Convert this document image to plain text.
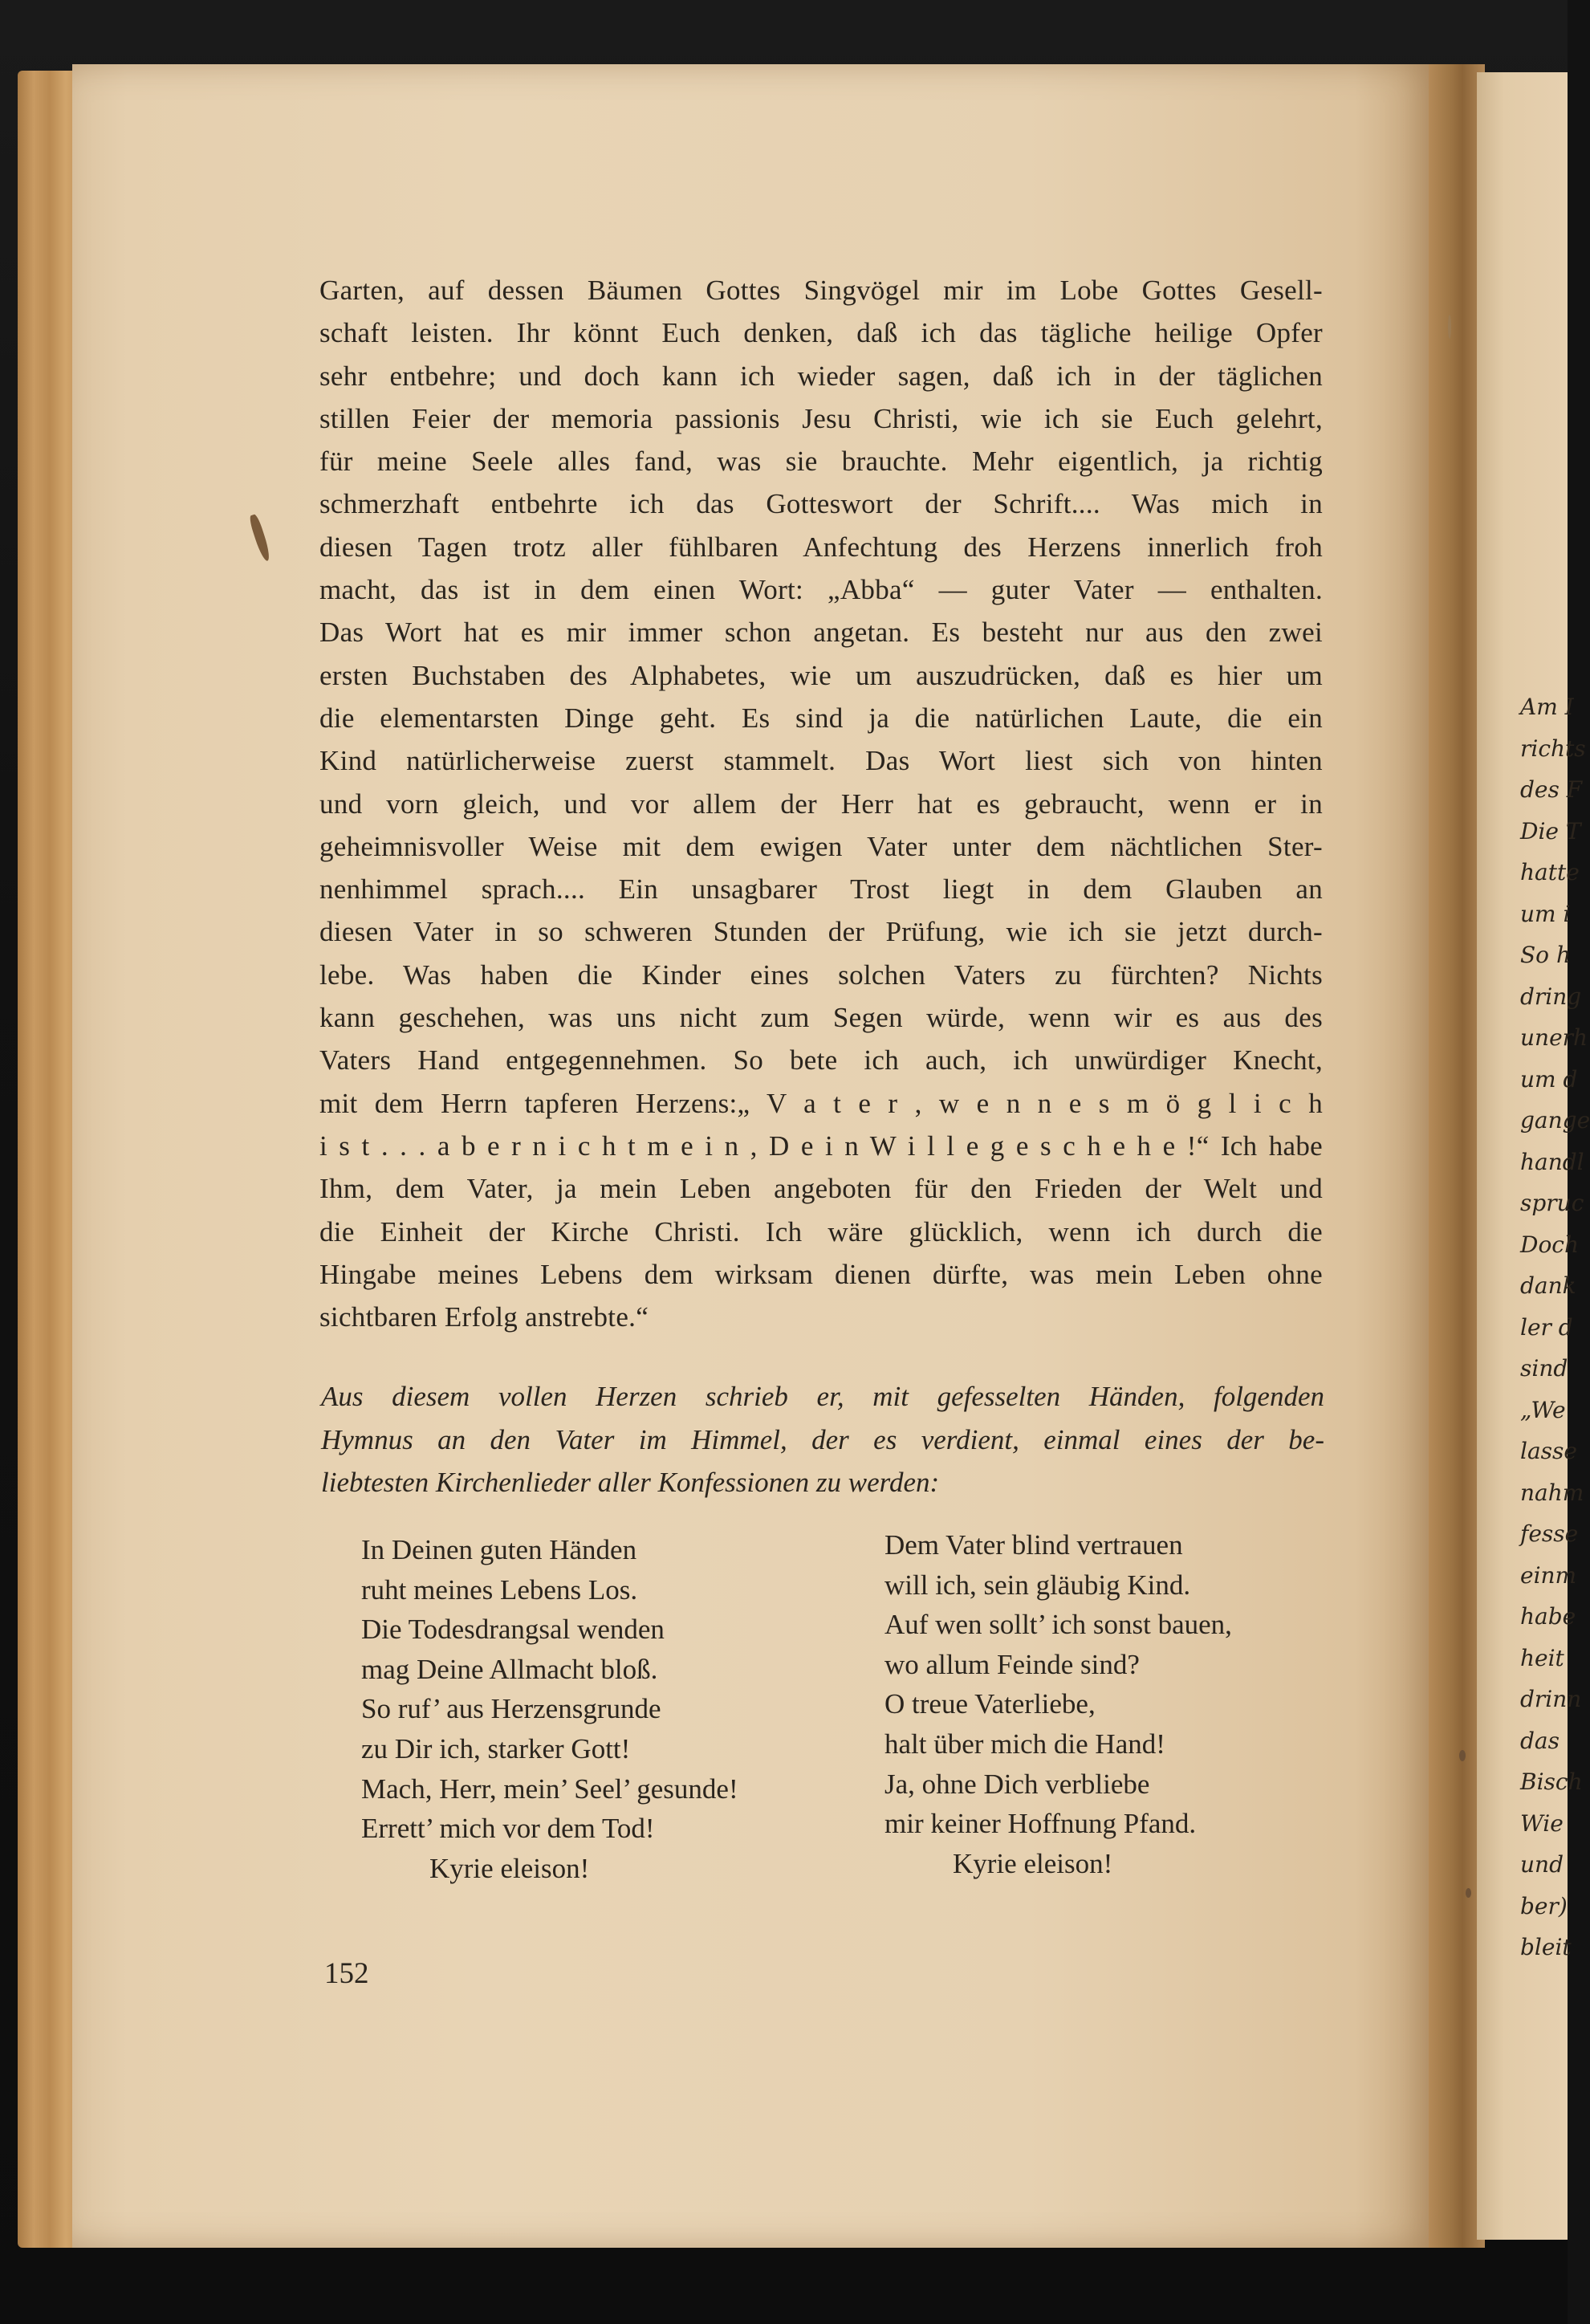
Garten, auf dessen Bäumen Gottes Singvögel mir im Lobe Gottes Gesell-
schaft leisten. Ihr könnt Euch denken, daß ich das tägliche heilige Opfer
sehr entbehre; und doch kann ich wieder sagen, daß ich in der täglichen
stillen Feier der memoria passionis Jesu Christi, wie ich sie Euch gelehrt,
für meine Seele alles fand, was sie brauchte. Mehr eigentlich, ja richtig
schmerzhaft entbehrte ich das Gotteswort der Schrift.... Was mich in
diesen Tagen trotz aller fühlbaren Anfechtung des Herzens innerlich froh
macht, das ist in dem einen Wort: „Abba“ — guter Vater — enthalten.
Das Wort hat es mir immer schon angetan. Es besteht nur aus den zwei
ersten Buchstaben des Alphabetes, wie um auszudrücken, daß es hier um
die elementarsten Dinge geht. Es sind ja die natürlichen Laute, die ein
Kind natürlicherweise zuerst stammelt. Das Wort liest sich von hinten
und vorn gleich, und vor allem der Herr hat es gebraucht, wenn er in
geheimnisvoller Weise mit dem ewigen Vater unter dem nächtlichen Ster-
nenhimmel sprach.... Ein unsagbarer Trost liegt in dem Glauben an
diesen Vater in so schweren Stunden der Prüfung, wie ich sie jetzt durch-
lebe. Was haben die Kinder eines solchen Vaters zu fürchten? Nichts
kann geschehen, was uns nicht zum Segen würde, wenn wir es aus des
Vaters Hand entgegennehmen. So bete ich auch, ich unwürdiger Knecht,
mit dem Herrn tapferen Herzens:„ V a t e r , w e n n e s m ö g l i c h
i s t . . . a b e r n i c h t m e i n , D e i n W i l l e g e s c h e h e !“ Ich habe
Ihm, dem Vater, ja mein Leben angeboten für den Frieden der Welt und
die Einheit der Kirche Christi. Ich wäre glücklich, wenn ich durch die
Hingabe meines Lebens dem wirksam dienen dürfte, was mein Leben ohne
sichtbaren Erfolg anstrebte.“
Aus diesem vollen Herzen schrieb er, mit gefesselten Händen, folgenden
Hymnus an den Vater im Himmel, der es verdient, einmal eines der be-
liebtesten Kirchenlieder aller Konfessionen zu werden:
In Deinen guten Händen
ruht meines Lebens Los.
Die Todesdrangsal wenden
mag Deine Allmacht bloß.
So ruf’ aus Herzensgrunde
zu Dir ich, starker Gott!
Mach, Herr, mein’ Seel’ gesunde!
Errett’ mich vor dem Tod!
Kyrie eleison!
Dem Vater blind vertrauen
will ich, sein gläubig Kind.
Auf wen sollt’ ich sonst bauen,
wo allum Feinde sind?
O treue Vaterliebe,
halt über mich die Hand!
Ja, ohne Dich verbliebe
mir keiner Hoffnung Pfand.
Kyrie eleison!
152
Am I
richts
des F
Die T
hatte
um i
So h
dring
unerh
um d
gange
handl
spruc
Doch
dank
ler d
sind
„We
lasse
nahm
fesse
einm
habe
heit
drinn
das
Bisch
Wie
und
ber)
bleit
